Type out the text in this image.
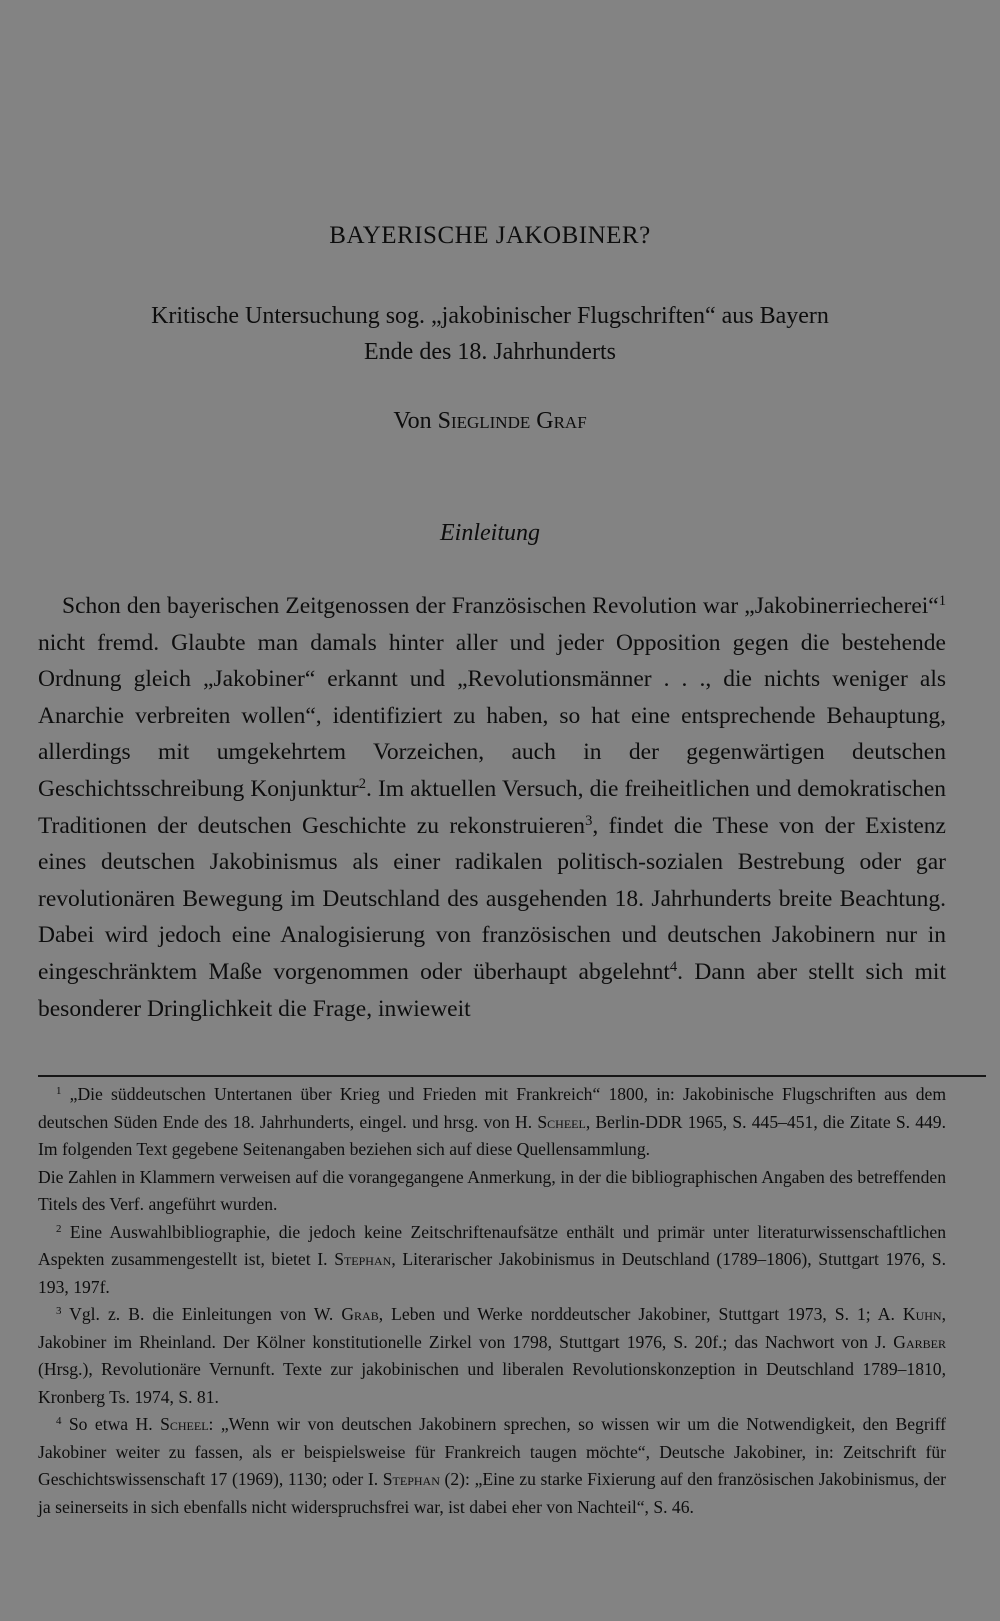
BAYERISCHE JAKOBINER?
Kritische Untersuchung sog. „jakobinischer Flugschriften“ aus Bayern
Ende des 18. Jahrhunderts
Von Sieglinde Graf
Einleitung

Schon den bayerischen Zeitgenossen der Französischen Revolution war „Jakobinerriecherei“$^1$ nicht fremd. Glaubte man damals hinter aller und jeder Opposition gegen die bestehende Ordnung gleich „Jakobiner“ erkannt und „Revolutionsmänner . . ., die nichts weniger als Anarchie verbreiten wollen“, identifiziert zu haben, so hat eine entsprechende Behauptung, allerdings mit umgekehrtem Vorzeichen, auch in der gegenwärtigen deutschen Geschichtsschreibung Konjunktur$^2$. Im aktuellen Versuch, die freiheitlichen und demokratischen Traditionen der deutschen Geschichte zu rekonstruieren$^3$, findet die These von der Existenz eines deutschen Jakobinismus als einer radikalen politisch-sozialen Bestrebung oder gar revolutionären Bewegung im Deutschland des ausgehenden 18. Jahrhunderts breite Beachtung. Dabei wird jedoch eine Analogisierung von französischen und deutschen Jakobinern nur in eingeschränktem Maße vorgenommen oder überhaupt abgelehnt$^4$. Dann aber stellt sich mit besonderer Dringlichkeit die Frage, inwieweit

$^1$ „Die süddeutschen Untertanen über Krieg und Frieden mit Frankreich“ 1800, in: Jakobinische Flugschriften aus dem deutschen Süden Ende des 18. Jahrhunderts, eingel. und hrsg. von H. Scheel, Berlin-DDR 1965, S. 445–451, die Zitate S. 449. Im folgenden Text gegebene Seitenangaben beziehen sich auf diese Quellensammlung.

Die Zahlen in Klammern verweisen auf die vorangegangene Anmerkung, in der die bibliographischen Angaben des betreffenden Titels des Verf. angeführt wurden.

$^2$ Eine Auswahlbibliographie, die jedoch keine Zeitschriftenaufsätze enthält und primär unter literaturwissenschaftlichen Aspekten zusammengestellt ist, bietet I. Stephan, Literarischer Jakobinismus in Deutschland (1789–1806), Stuttgart 1976, S. 193, 197f.

$^3$ Vgl. z. B. die Einleitungen von W. Grab, Leben und Werke norddeutscher Jakobiner, Stuttgart 1973, S. 1; A. Kuhn, Jakobiner im Rheinland. Der Kölner konstitutionelle Zirkel von 1798, Stuttgart 1976, S. 20f.; das Nachwort von J. Garber (Hrsg.), Revolutionäre Vernunft. Texte zur jakobinischen und liberalen Revolutionskonzeption in Deutschland 1789–1810, Kronberg Ts. 1974, S. 81.

$^4$ So etwa H. Scheel: „Wenn wir von deutschen Jakobinern sprechen, so wissen wir um die Notwendigkeit, den Begriff Jakobiner weiter zu fassen, als er beispielsweise für Frankreich taugen möchte“, Deutsche Jakobiner, in: Zeitschrift für Geschichtswissenschaft 17 (1969), 1130; oder I. Stephan (2): „Eine zu starke Fixierung auf den französischen Jakobinismus, der ja seinerseits in sich ebenfalls nicht widerspruchsfrei war, ist dabei eher von Nachteil“, S. 46.
